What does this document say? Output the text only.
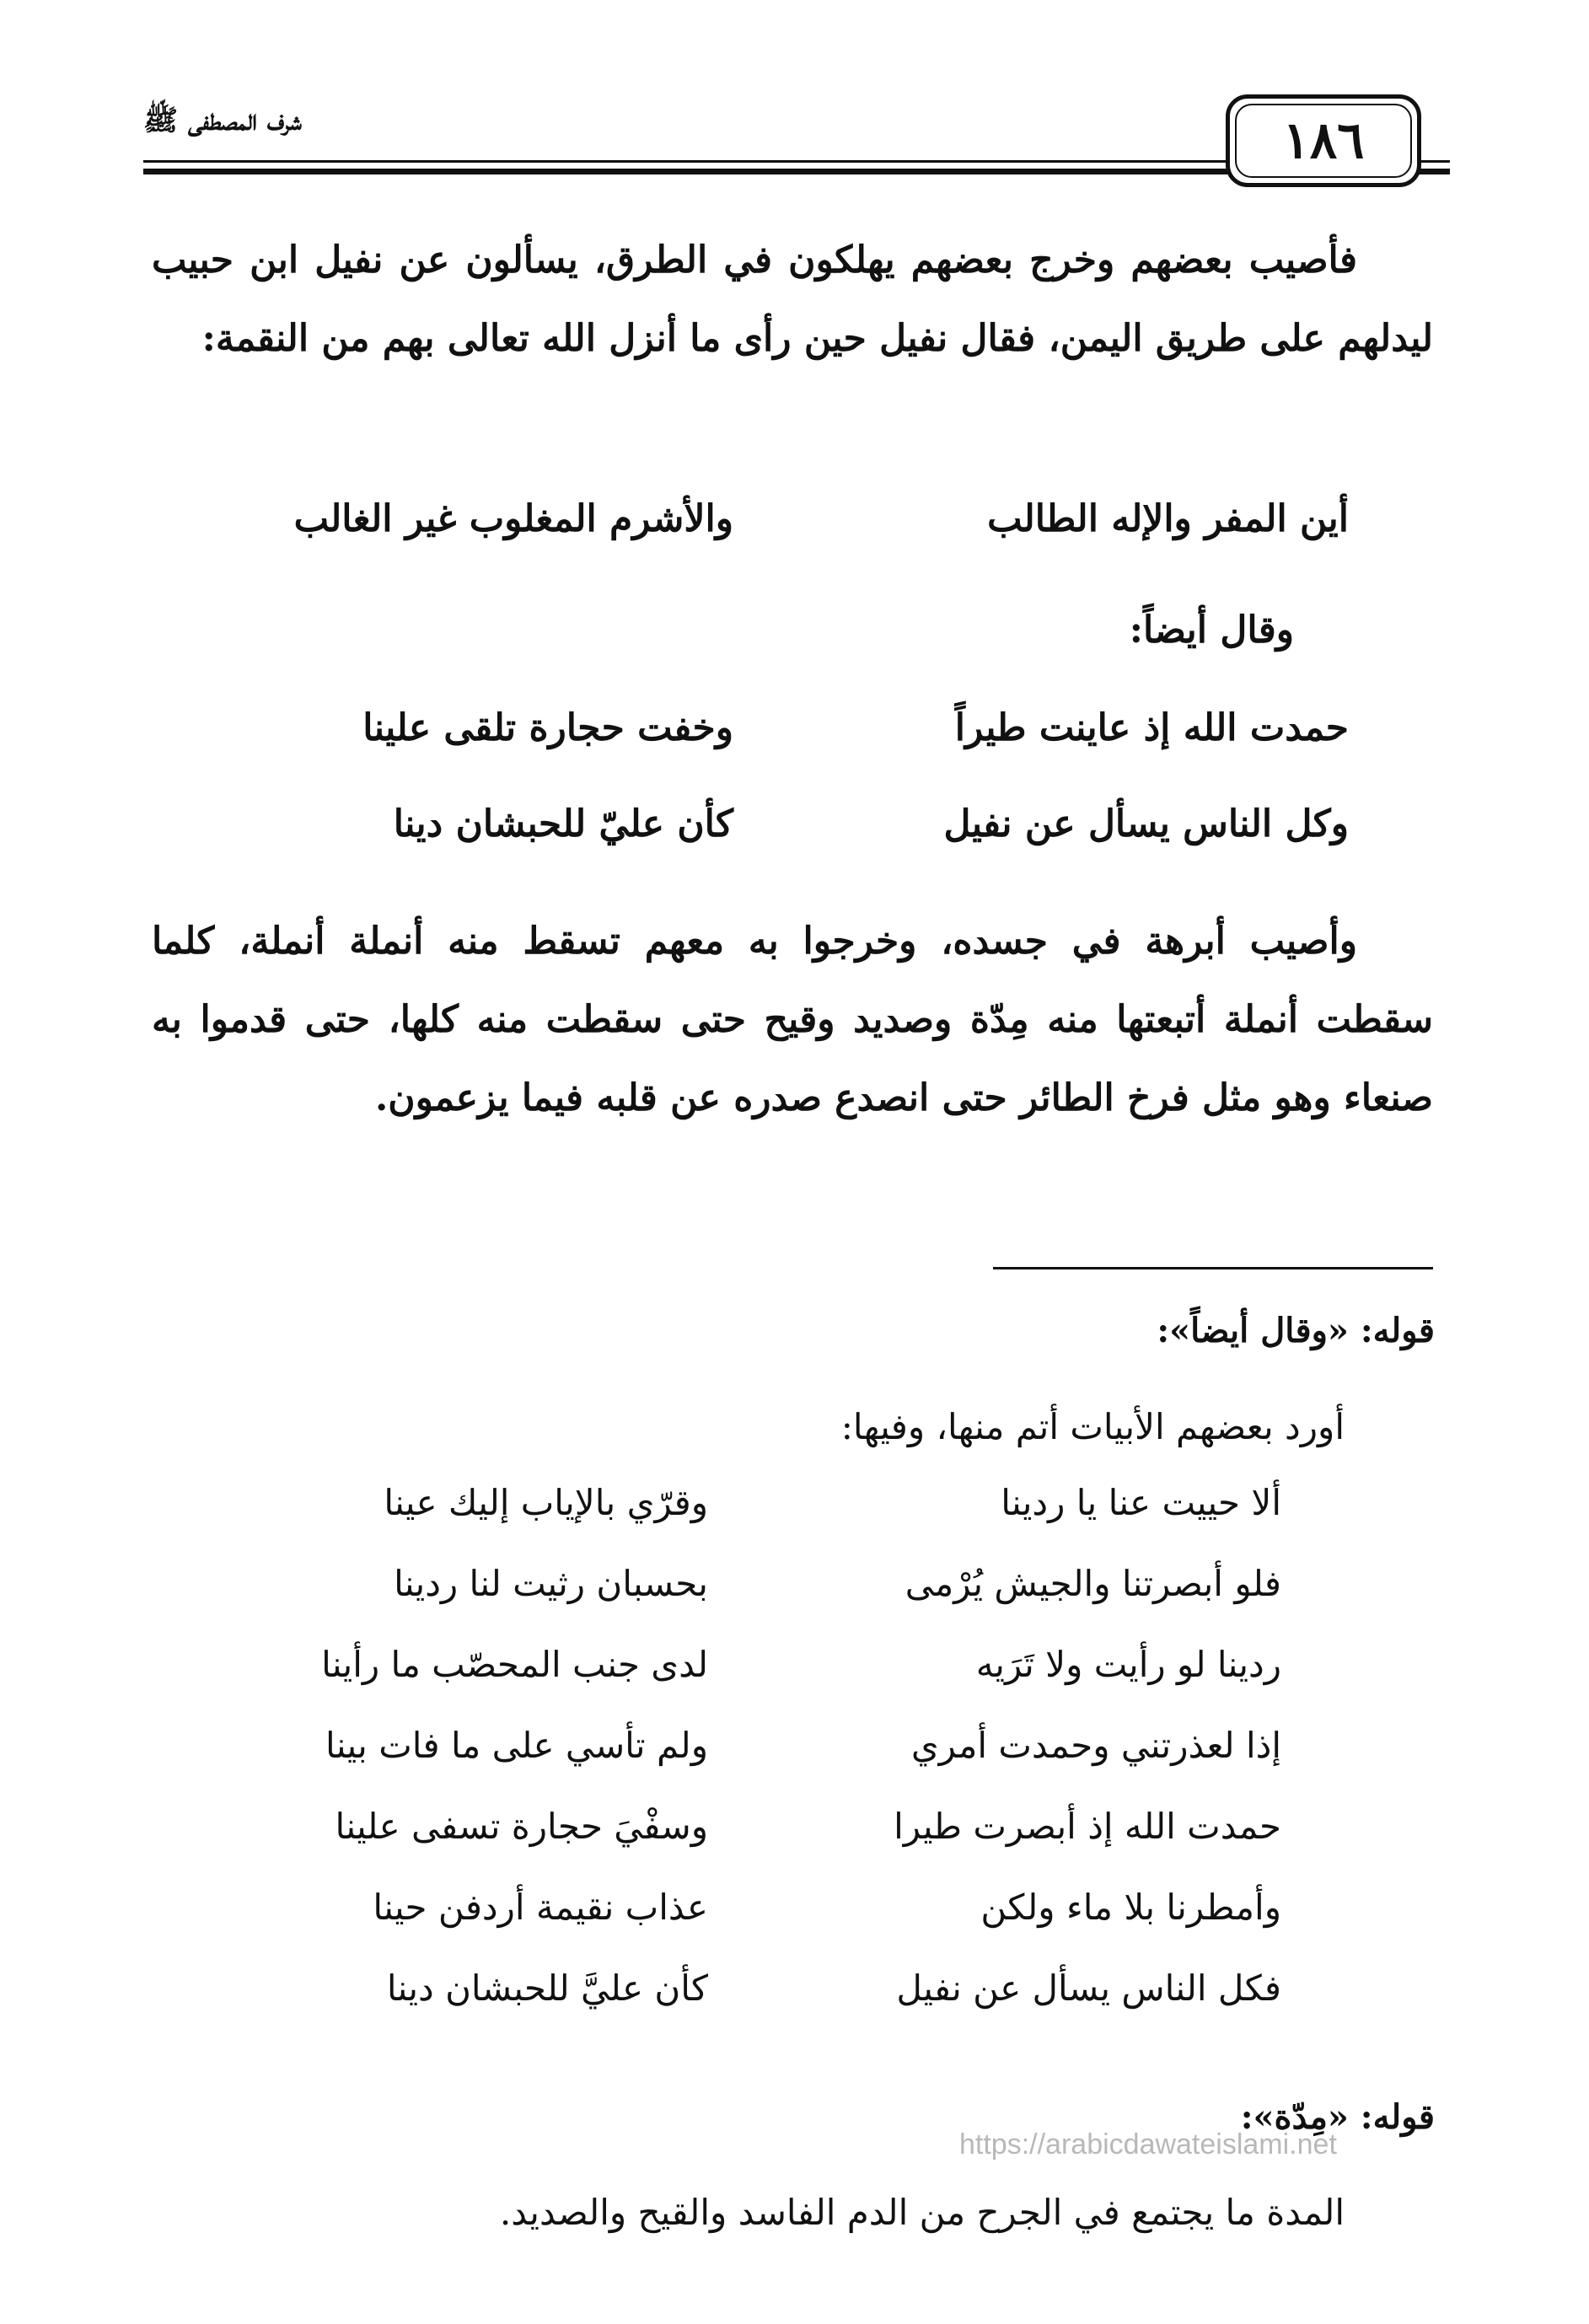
شرف المصطفى ﷺ	١٨٦

فأصيب بعضهم وخرج بعضهم يهلكون في الطرق، يسألون عن نفيل ابن حبيب ليدلهم على طريق اليمن، فقال نفيل حين رأى ما أنزل الله تعالى بهم من النقمة:

أين المفر والإله الطالب
والأشرم المغلوب غير الغالب
وقال أيضاً:
حمدت الله إذ عاينت طيراً
وخفت حجارة تلقى علينا
وكل الناس يسأل عن نفيل
كأن عليّ للحبشان دينا

وأصيب أبرهة في جسده، وخرجوا به معهم تسقط منه أنملة أنملة، كلما سقطت أنملة أتبعتها منه مِدّة وصديد وقيح حتى سقطت منه كلها، حتى قدموا به صنعاء وهو مثل فرخ الطائر حتى انصدع صدره عن قلبه فيما يزعمون.

قوله: «وقال أيضاً»:
أورد بعضهم الأبيات أتم منها، وفيها:
ألا حييت عنا يا ردينا
وقرّي بالإياب إليك عينا
فلو أبصرتنا والجيش يُرْمى
بحسبان رثيت لنا ردينا
ردينا لو رأيت ولا تَرَيه
لدى جنب المحصّب ما رأينا
إذا لعذرتني وحمدت أمري
ولم تأسي على ما فات بينا
حمدت الله إذ أبصرت طيرا
وسفْيَ حجارة تسفى علينا
وأمطرنا بلا ماء ولكن
عذاب نقيمة أردفن حينا
فكل الناس يسأل عن نفيل
كأن عليَّ للحبشان دينا
قوله: «مِدّة»:
المدة ما يجتمع في الجرح من الدم الفاسد والقيح والصديد.
https://arabicdawateislami.net
